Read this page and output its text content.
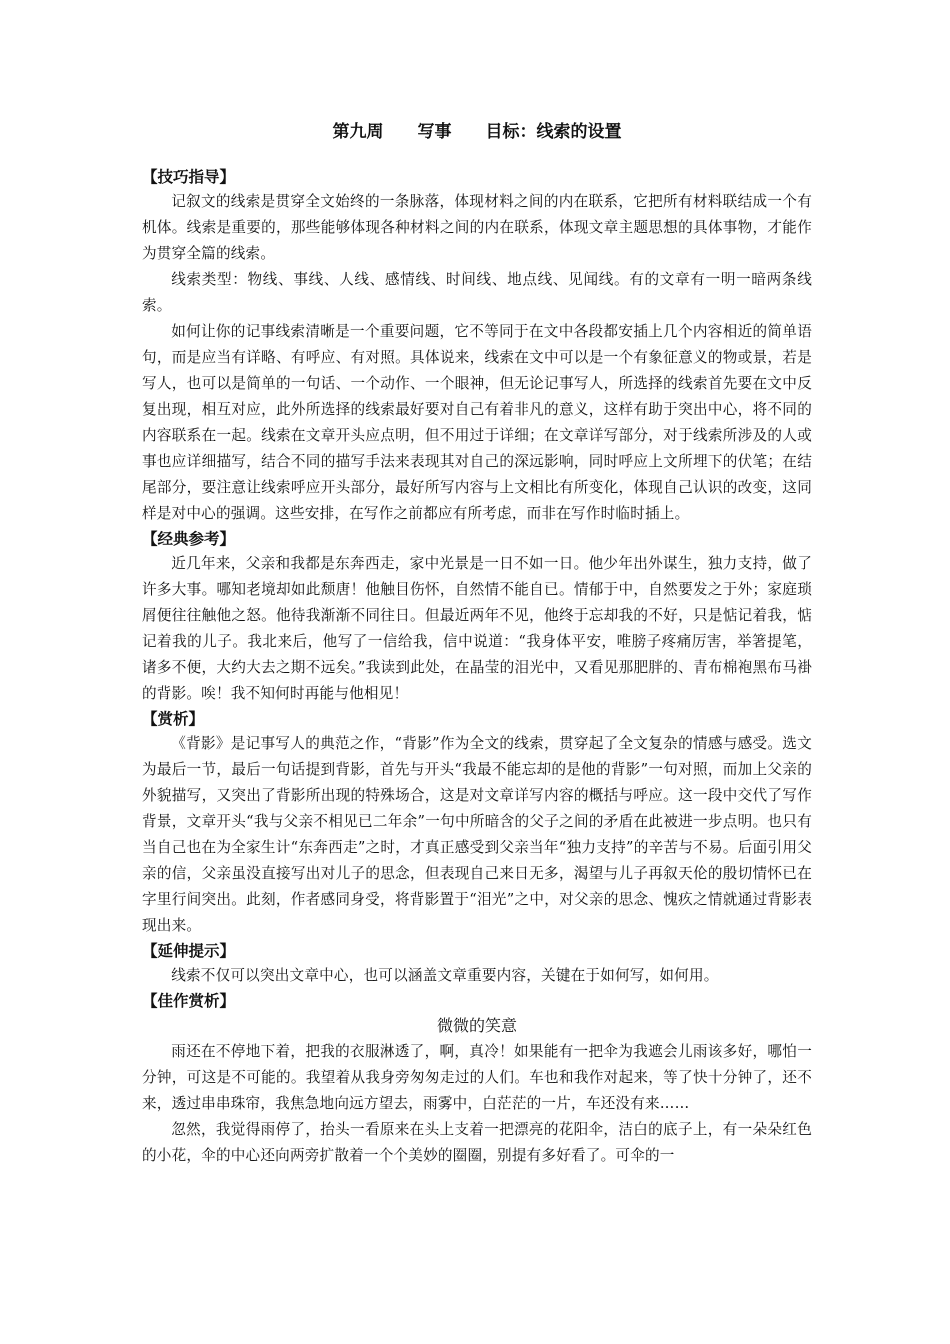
第九周 写事 目标：线索的设置

【技巧指导】

记叙文的线索是贯穿全文始终的一条脉落，体现材料之间的内在联系，它把所有材料联结成一个有机体。线索是重要的，那些能够体现各种材料之间的内在联系，体现文章主题思想的具体事物，才能作为贯穿全篇的线索。

线索类型：物线、事线、人线、感情线、时间线、地点线、见闻线。有的文章有一明一暗两条线索。

如何让你的记事线索清晰是一个重要问题，它不等同于在文中各段都安插上几个内容相近的简单语句，而是应当有详略、有呼应、有对照。具体说来，线索在文中可以是一个有象征意义的物或景，若是写人，也可以是简单的一句话、一个动作、一个眼神，但无论记事写人，所选择的线索首先要在文中反复出现，相互对应，此外所选择的线索最好要对自己有着非凡的意义，这样有助于突出中心，将不同的内容联系在一起。线索在文章开头应点明，但不用过于详细；在文章详写部分，对于线索所涉及的人或事也应详细描写，结合不同的描写手法来表现其对自己的深远影响，同时呼应上文所埋下的伏笔；在结尾部分，要注意让线索呼应开头部分，最好所写内容与上文相比有所变化，体现自己认识的改变，这同样是对中心的强调。这些安排，在写作之前都应有所考虑，而非在写作时临时插上。

【经典参考】

近几年来，父亲和我都是东奔西走，家中光景是一日不如一日。他少年出外谋生，独力支持，做了许多大事。哪知老境却如此颓唐！他触目伤怀，自然情不能自已。情郁于中，自然要发之于外；家庭琐屑便往往触他之怒。他待我渐渐不同往日。但最近两年不见，他终于忘却我的不好，只是惦记着我，惦记着我的儿子。我北来后，他写了一信给我，信中说道：“我身体平安，唯膀子疼痛厉害，举箸提笔，诸多不便，大约大去之期不远矣。”我读到此处，在晶莹的泪光中，又看见那肥胖的、青布棉袍黑布马褂的背影。唉！我不知何时再能与他相见！

【赏析】

《背影》是记事写人的典范之作，“背影”作为全文的线索，贯穿起了全文复杂的情感与感受。选文为最后一节，最后一句话提到背影，首先与开头“我最不能忘却的是他的背影”一句对照，而加上父亲的外貌描写，又突出了背影所出现的特殊场合，这是对文章详写内容的概括与呼应。这一段中交代了写作背景，文章开头“我与父亲不相见已二年余”一句中所暗含的父子之间的矛盾在此被进一步点明。也只有当自己也在为全家生计“东奔西走”之时，才真正感受到父亲当年“独力支持”的辛苦与不易。后面引用父亲的信，父亲虽没直接写出对儿子的思念，但表现自己来日无多，渴望与儿子再叙天伦的殷切情怀已在字里行间突出。此刻，作者感同身受，将背影置于“泪光”之中，对父亲的思念、愧疚之情就通过背影表现出来。

【延伸提示】

线索不仅可以突出文章中心，也可以涵盖文章重要内容，关键在于如何写，如何用。

【佳作赏析】

微微的笑意

雨还在不停地下着，把我的衣服淋透了，啊，真冷！如果能有一把伞为我遮会儿雨该多好，哪怕一分钟，可这是不可能的。我望着从我身旁匆匆走过的人们。车也和我作对起来，等了快十分钟了，还不来，透过串串珠帘，我焦急地向远方望去，雨雾中，白茫茫的一片，车还没有来……

忽然，我觉得雨停了，抬头一看原来在头上支着一把漂亮的花阳伞，洁白的底子上，有一朵朵红色的小花，伞的中心还向两旁扩散着一个个美妙的圈圈，别提有多好看了。可伞的一
